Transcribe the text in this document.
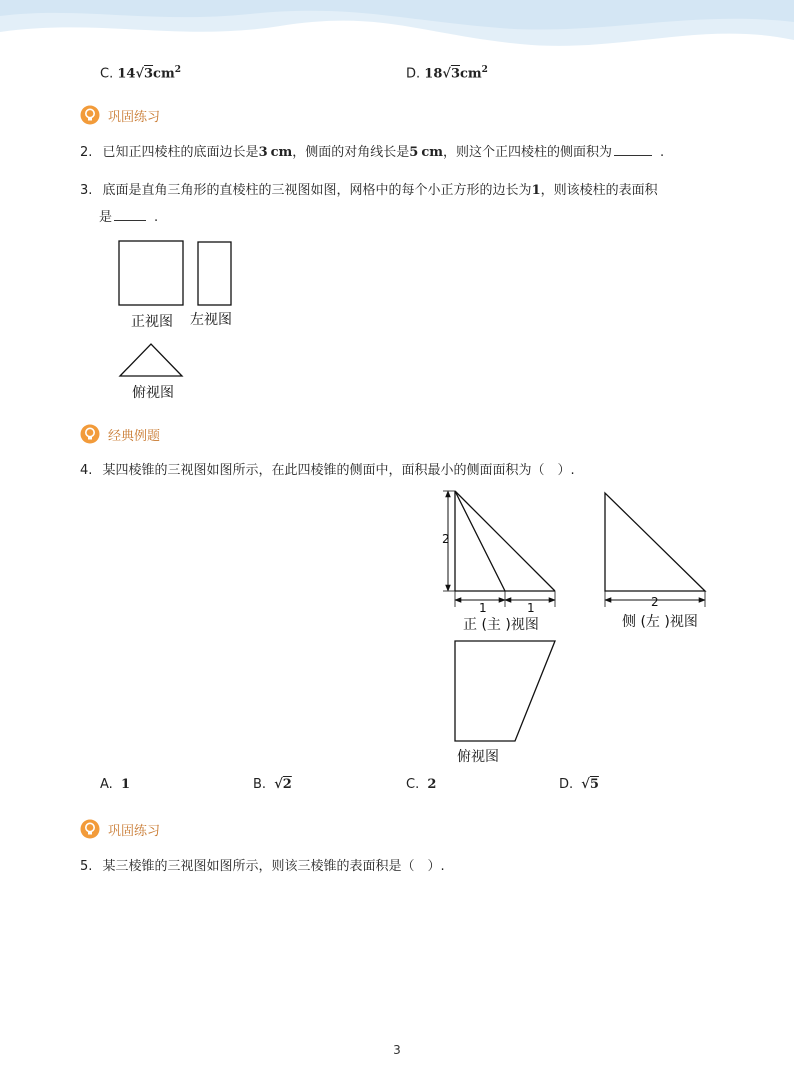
C. $14√3cm^2$	D. $18√3cm^2$
巩固练习
2. 已知正四棱柱的底面边长是3 cm，侧面的对角线长是5 cm，则这个正四棱柱的侧面积为	.
3. 底面是直角三角形的直棱柱的三视图如图，网格中的每个小正方形的边长为1，则该棱柱的表面积
是	.
正视图 左视图
俯视图
经典例题
4. 某四棱锥的三视图如图所示，在此四棱锥的侧面中，面积最小的侧面面积为（　）.
2
1	1
正 (主 )视图
2
侧 (左 )视图
俯视图
A. 1	B. √2	C. 2	D. √5
巩固练习
5. 某三棱锥的三视图如图所示，则该三棱锥的表面积是（　）.
3
